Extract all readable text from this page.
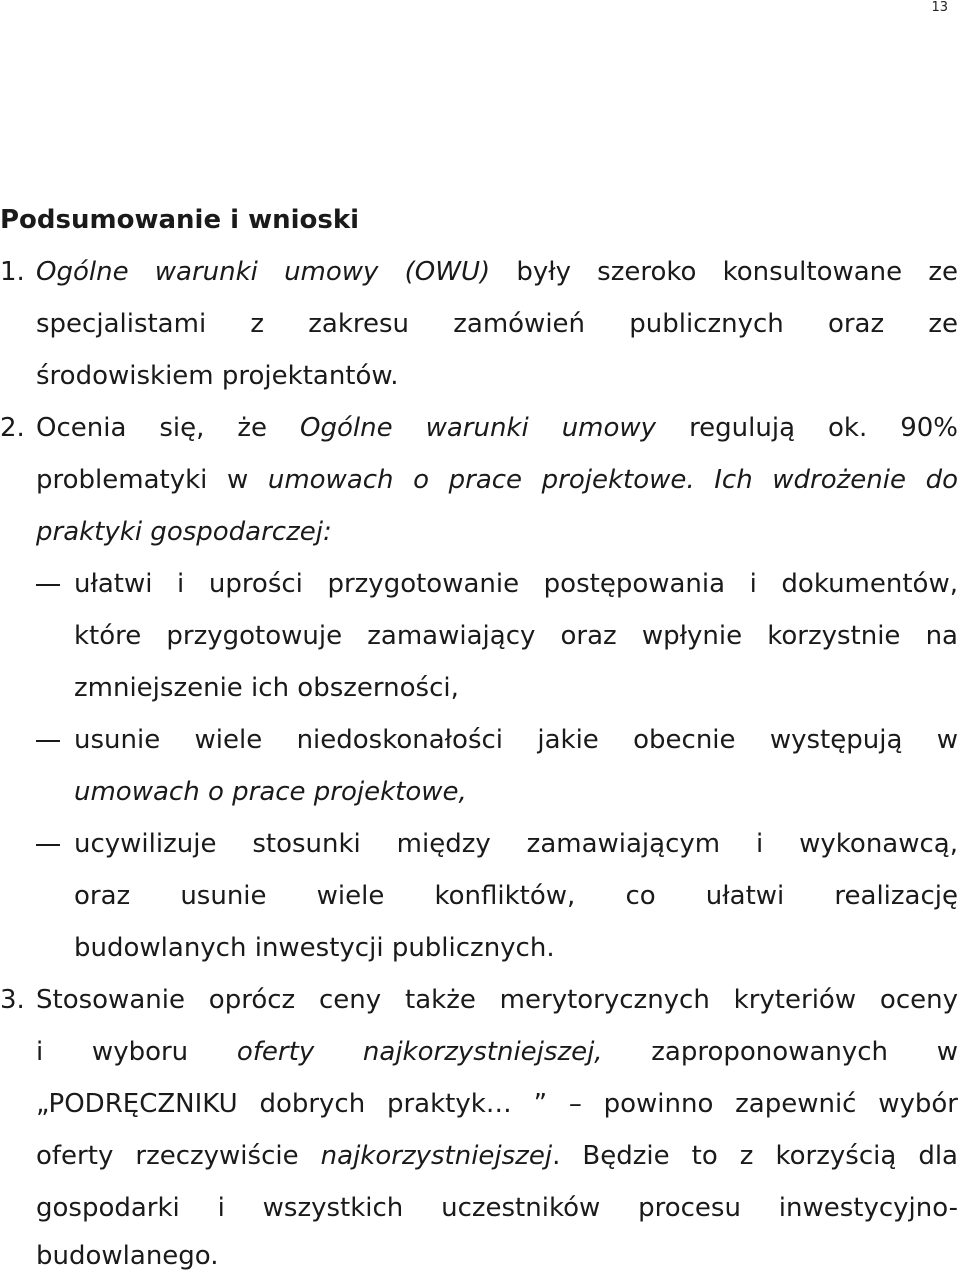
13
Podsumowanie i wnioski
1. Ogólne warunki umowy (OWU) były szeroko konsultowane ze
specjalistami z zakresu zamówień publicznych oraz ze
środowiskiem projektantów.
2. Ocenia się, że Ogólne warunki umowy regulują ok. 90%
problematyki w umowach o prace projektowe. Ich wdrożenie do
praktyki gospodarczej:
ułatwi i uprości przygotowanie postępowania i dokumentów,
które przygotowuje zamawiający oraz wpłynie korzystnie na
zmniejszenie ich obszerności,
usunie wiele niedoskonałości jakie obecnie występują w
umowach o prace projektowe,
ucywilizuje stosunki między zamawiającym i wykonawcą,
oraz usunie wiele konfliktów, co ułatwi realizację
budowlanych inwestycji publicznych.
3. Stosowanie oprócz ceny także merytorycznych kryteriów oceny
i wyboru oferty najkorzystniejszej, zaproponowanych w
„PODRĘCZNIKU dobrych praktyk… ” – powinno zapewnić wybór
oferty rzeczywiście najkorzystniejszej. Będzie to z korzyścią dla
gospodarki i wszystkich uczestników procesu inwestycyjno-
budowlanego.
